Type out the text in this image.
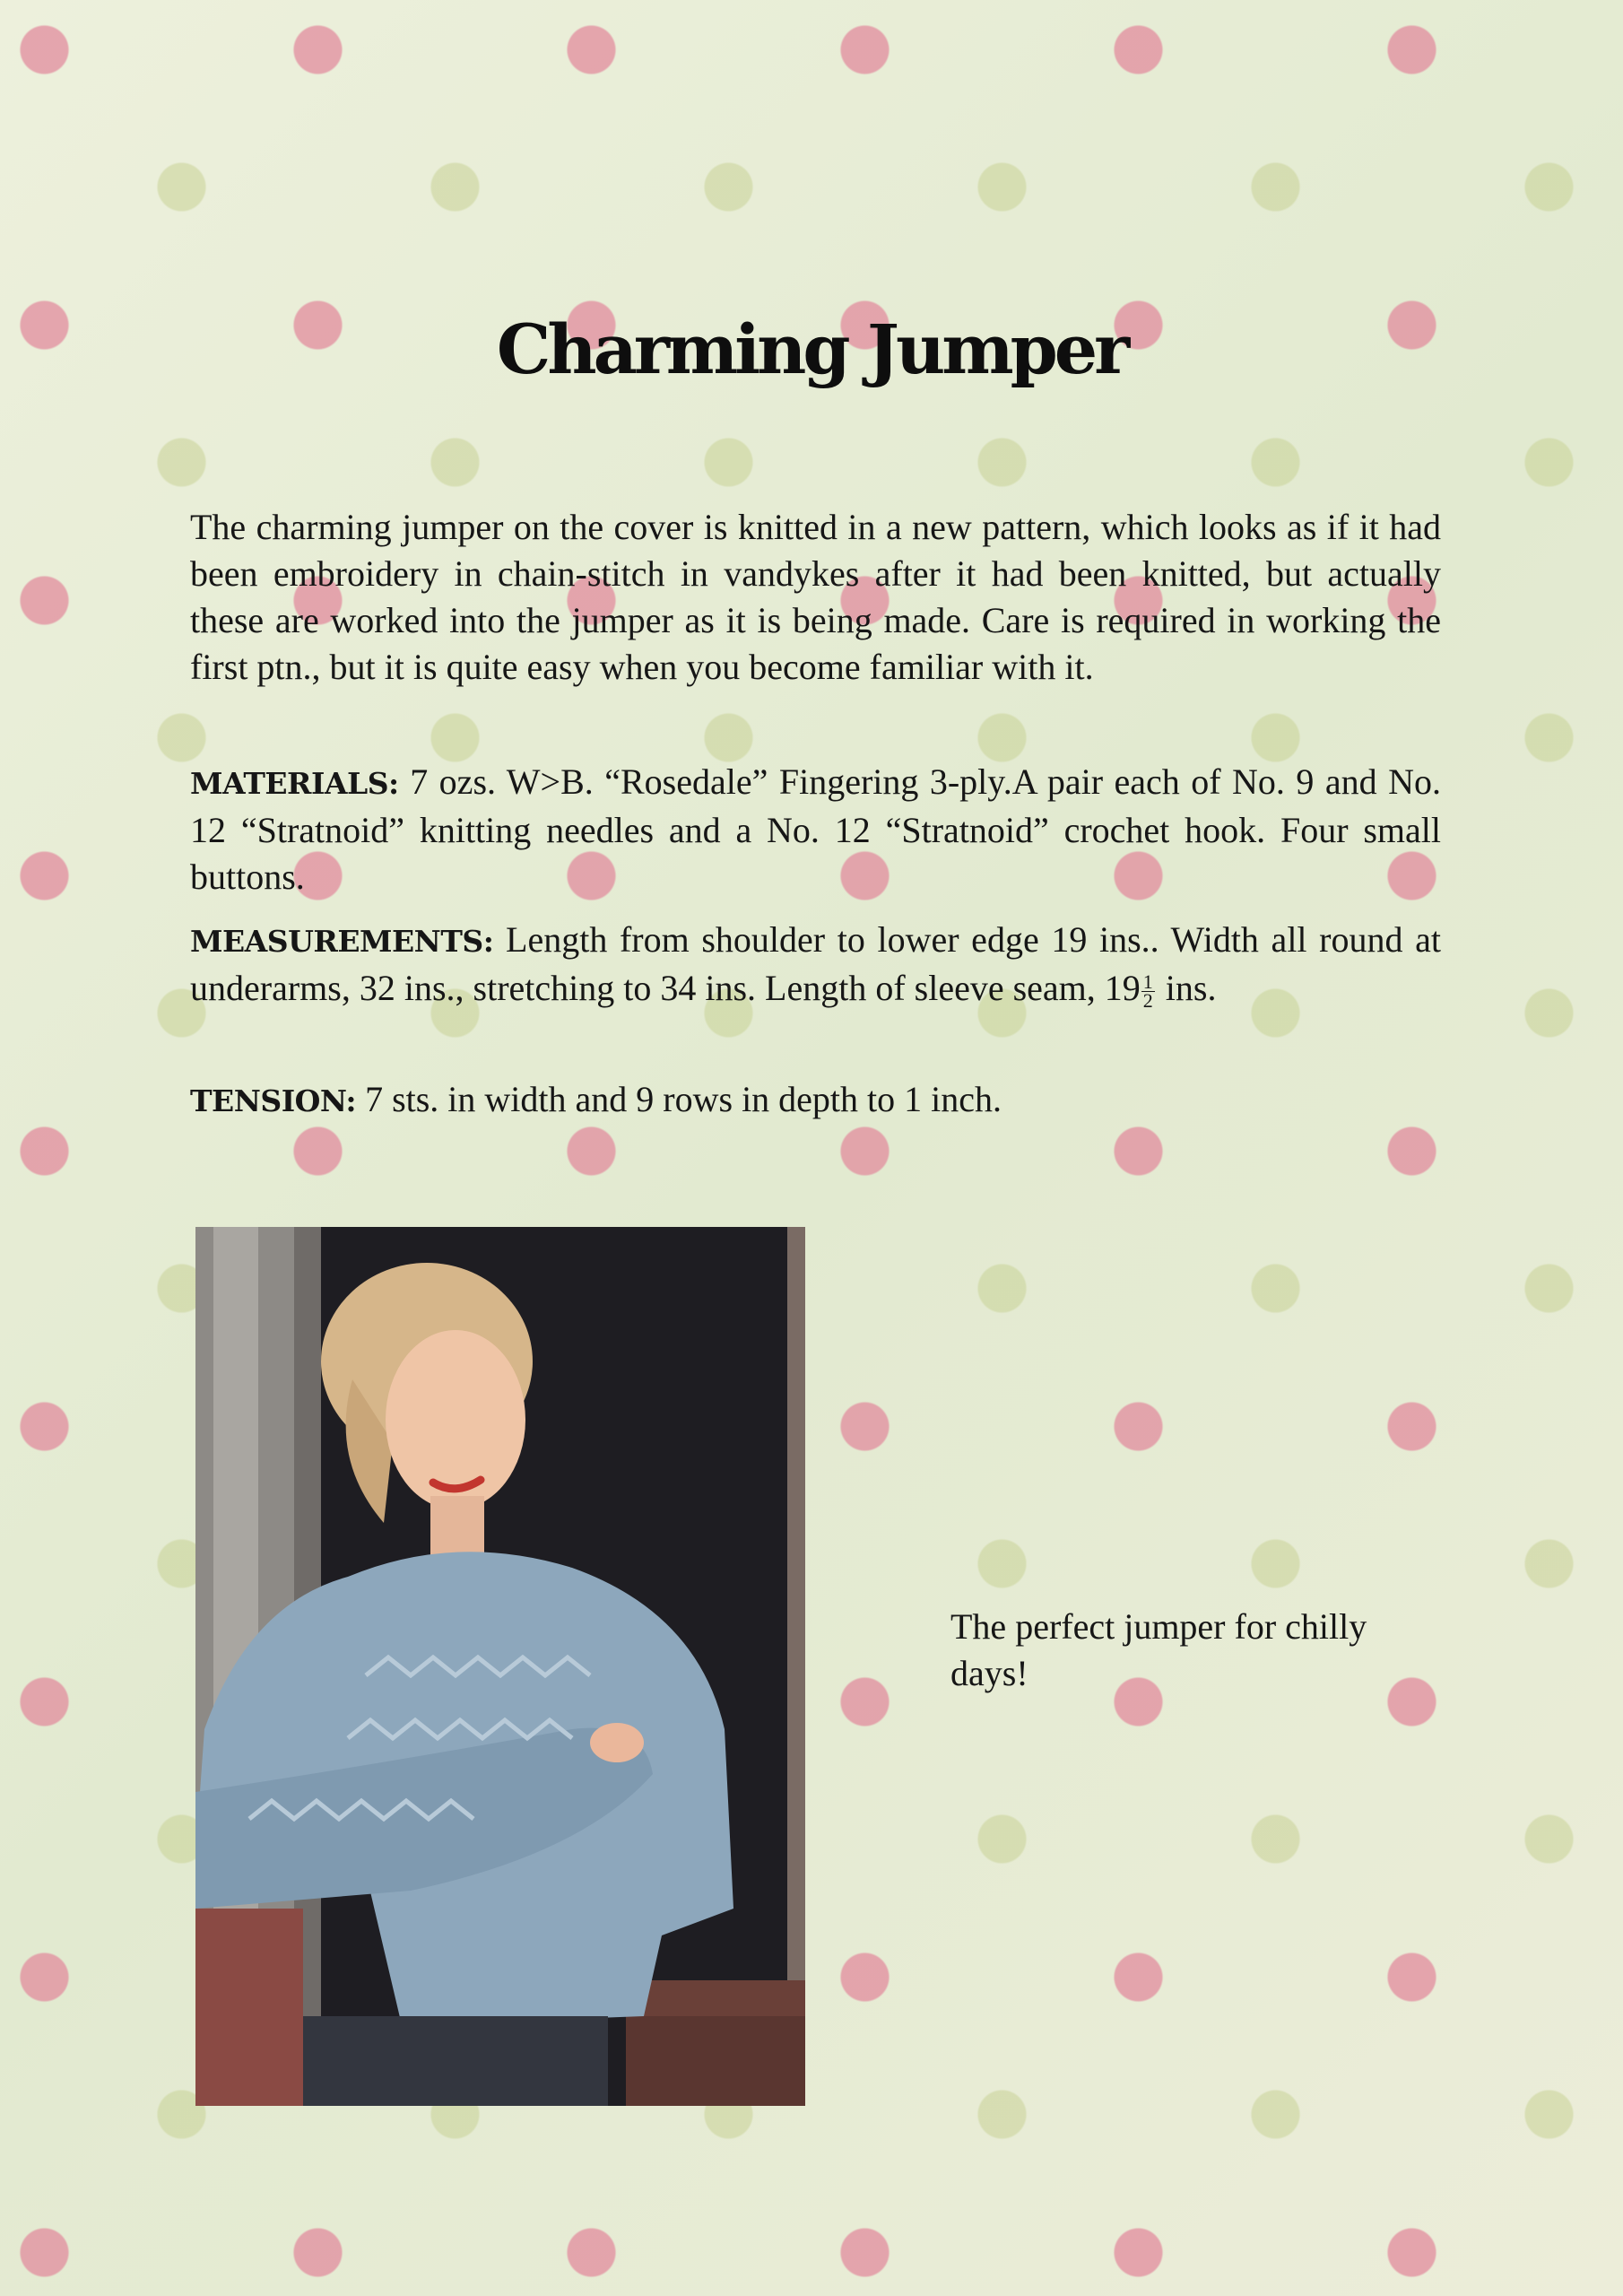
Charming Jumper

The charming jumper on the cover is knitted in a new pattern, which looks as if it had been embroidery in chain-stitch in vandykes after it had been knitted, but actually these are worked into the jumper as it is being made. Care is required in working the first ptn., but it is quite easy when you become familiar with it.

MATERIALS: 7 ozs. W>B. “Rosedale” Fingering 3-ply.A pair each of No. 9 and No. 12 “Stratnoid” knitting needles and a No. 12 “Stratnoid” crochet hook. Four small buttons.

MEASUREMENTS: Length from shoulder to lower edge 19 ins.. Width all round at underarms, 32 ins., stretching to 34 ins. Length of sleeve seam, $19 \frac{1}{2}$ ins.

TENSION: 7 sts. in width and 9 rows in depth to 1 inch.

The perfect jumper for chilly days!
